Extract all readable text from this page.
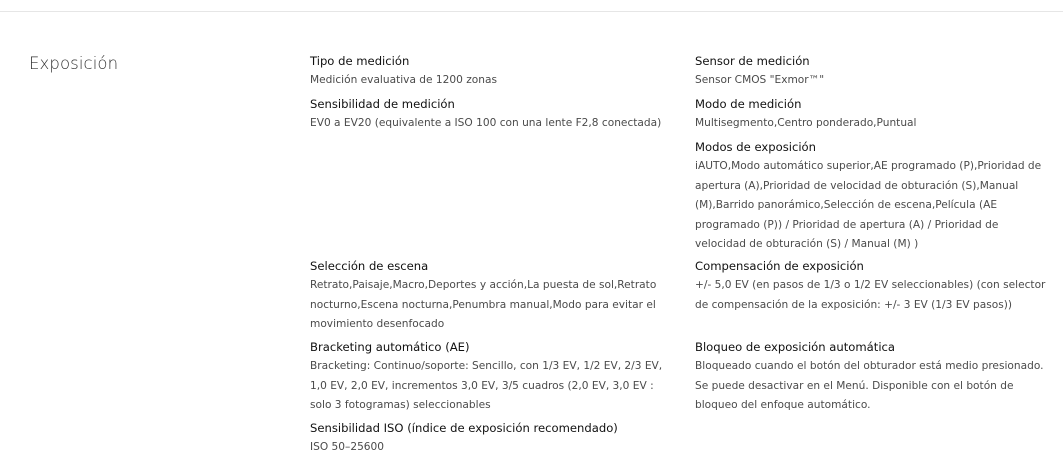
Exposición	Tipo de medición
Medición evaluativa de 1200 zonas
Sensibilidad de medición
EV0 a EV20 (equivalente a ISO 100 con una lente F2,8 conectada)
Selección de escena
Retrato,Paisaje,Macro,Deportes y acción,La puesta de sol,Retrato nocturno,Escena nocturna,Penumbra manual,Modo para evitar el movimiento desenfocado
Bracketing automático (AE)
Bracketing: Continuo/soporte: Sencillo, con 1/3 EV, 1/2 EV, 2/3 EV, 1,0 EV, 2,0 EV, incrementos 3,0 EV, 3/5 cuadros (2,0 EV, 3,0 EV : solo 3 fotogramas) seleccionables
Sensibilidad ISO (índice de exposición recomendado)
ISO 50–25600
Sensor de medición
Sensor CMOS "Exmor™"
Modo de medición
Multisegmento,Centro ponderado,Puntual
Modos de exposición
iAUTO,Modo automático superior,AE programado (P),Prioridad de apertura (A),Prioridad de velocidad de obturación (S),Manual (M),Barrido panorámico,Selección de escena,Película (AE programado (P)) / Prioridad de apertura (A) / Prioridad de velocidad de obturación (S) / Manual (M) )
Compensación de exposición
+/- 5,0 EV (en pasos de 1/3 o 1/2 EV seleccionables) (con selector de compensación de la exposición: +/- 3 EV (1/3 EV pasos))
Bloqueo de exposición automática
Bloqueado cuando el botón del obturador está medio presionado. Se puede desactivar en el Menú. Disponible con el botón de bloqueo del enfoque automático.
